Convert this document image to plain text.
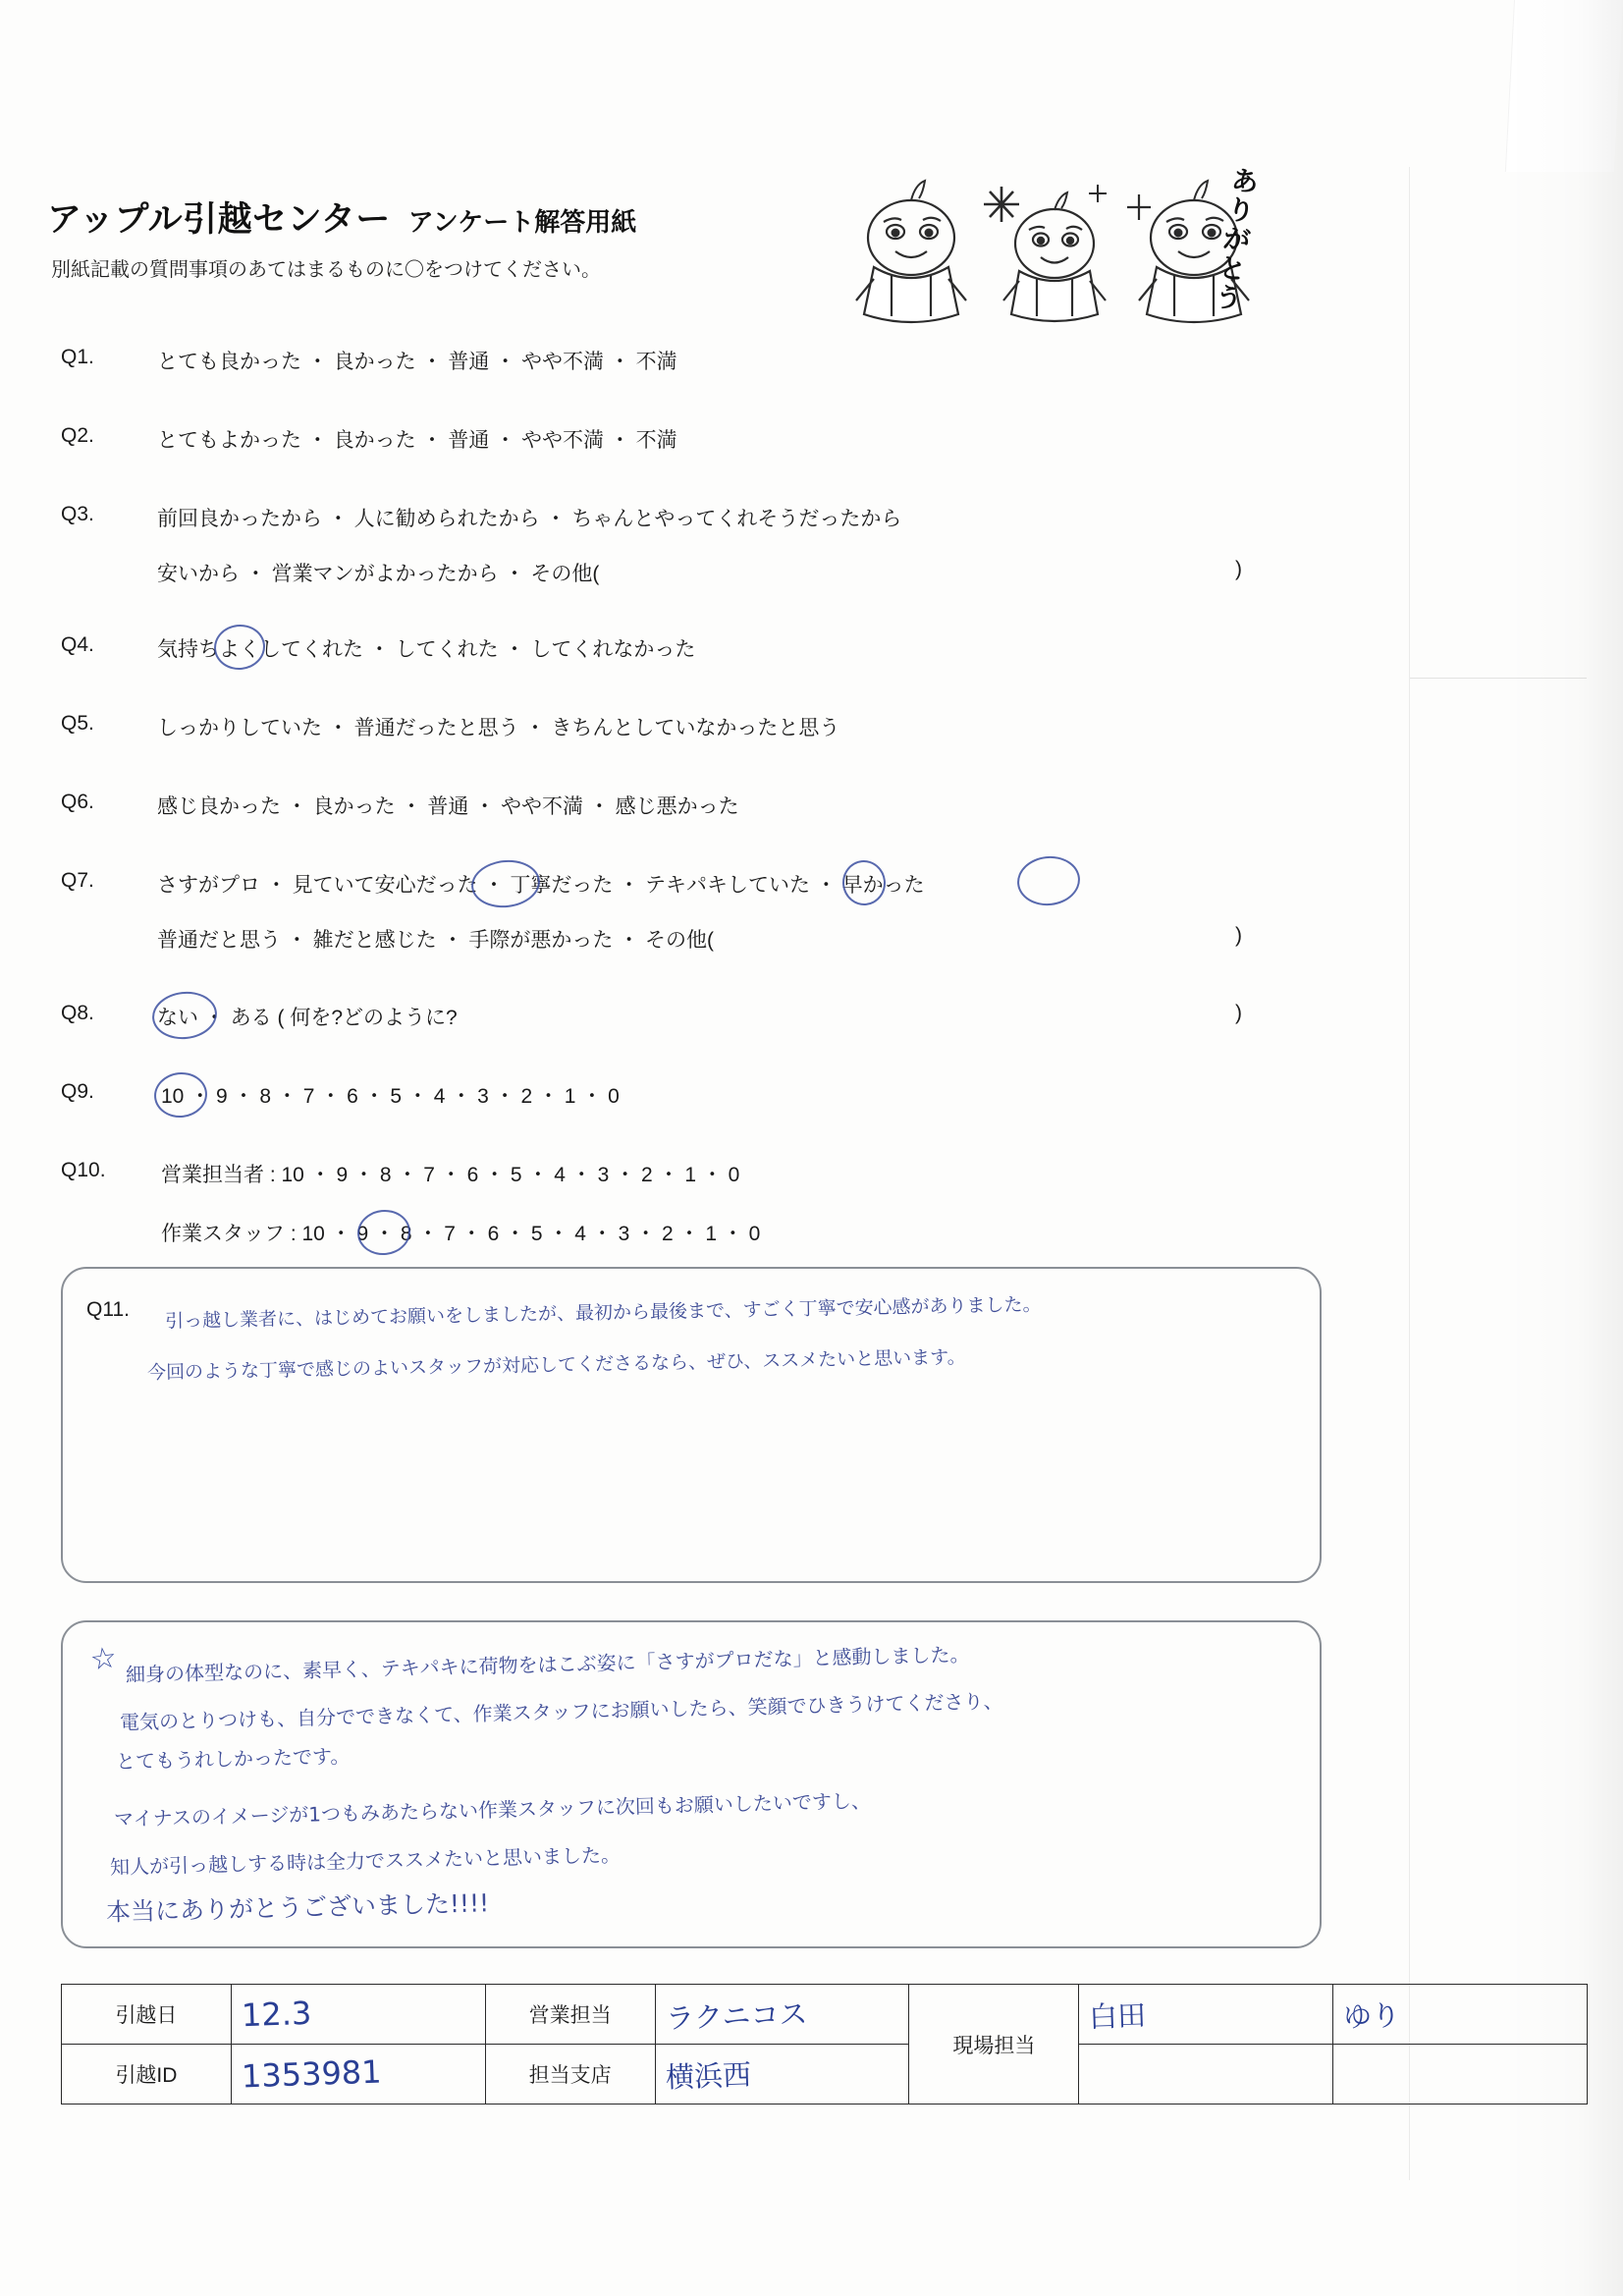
アップル引越センター アンケート解答用紙
別紙記載の質問事項のあてはまるものに〇をつけてください。
あ
り
が
と
う
Q1.	とても良かった ・ 良かった ・ 普通 ・ やや不満 ・ 不満
Q2.	とてもよかった ・ 良かった ・ 普通 ・ やや不満 ・ 不満
Q3.	前回良かったから ・ 人に勧められたから ・ ちゃんとやってくれそうだったから
安いから ・ 営業マンがよかったから ・ その他(	)
Q4.	気持ちよくしてくれた ・ してくれた ・ してくれなかった
Q5.	しっかりしていた ・ 普通だったと思う ・ きちんとしていなかったと思う
Q6.	感じ良かった ・ 良かった ・ 普通 ・ やや不満 ・ 感じ悪かった
Q7.	さすがプロ ・ 見ていて安心だった ・ 丁寧だった ・ テキパキしていた ・ 早かった
普通だと思う ・ 雑だと感じた ・ 手際が悪かった ・ その他(	)
Q8.	ない ・ ある ( 何を?どのように?	)
Q9.	10 ・ 9 ・ 8 ・ 7 ・ 6 ・ 5 ・ 4 ・ 3 ・ 2 ・ 1 ・ 0
Q10.	営業担当者 : 10 ・ 9 ・ 8 ・ 7 ・ 6 ・ 5 ・ 4 ・ 3 ・ 2 ・ 1 ・ 0
作業スタッフ : 10 ・ 9 ・ 8 ・ 7 ・ 6 ・ 5 ・ 4 ・ 3 ・ 2 ・ 1 ・ 0
Q11. 引っ越し業者に、はじめてお願いをしましたが、最初から最後まで、すごく丁寧で安心感がありました。
今回のような丁寧で感じのよいスタッフが対応してくださるなら、ぜひ、ススメたいと思います。
☆ 細身の体型なのに、素早く、テキパキに荷物をはこぶ姿に「さすがプロだな」と感動しました。
電気のとりつけも、自分でできなくて、作業スタッフにお願いしたら、笑顔でひきうけてくださり、
とてもうれしかったです。
マイナスのイメージが1つもみあたらない作業スタッフに次回もお願いしたいですし、
知人が引っ越しする時は全力でススメたいと思いました。
本当にありがとうございました!!!!
引越日	12.3	営業担当	ラクニコス	現場担当	白田	ゆり
引越ID	1353981	担当支店	横浜西			
